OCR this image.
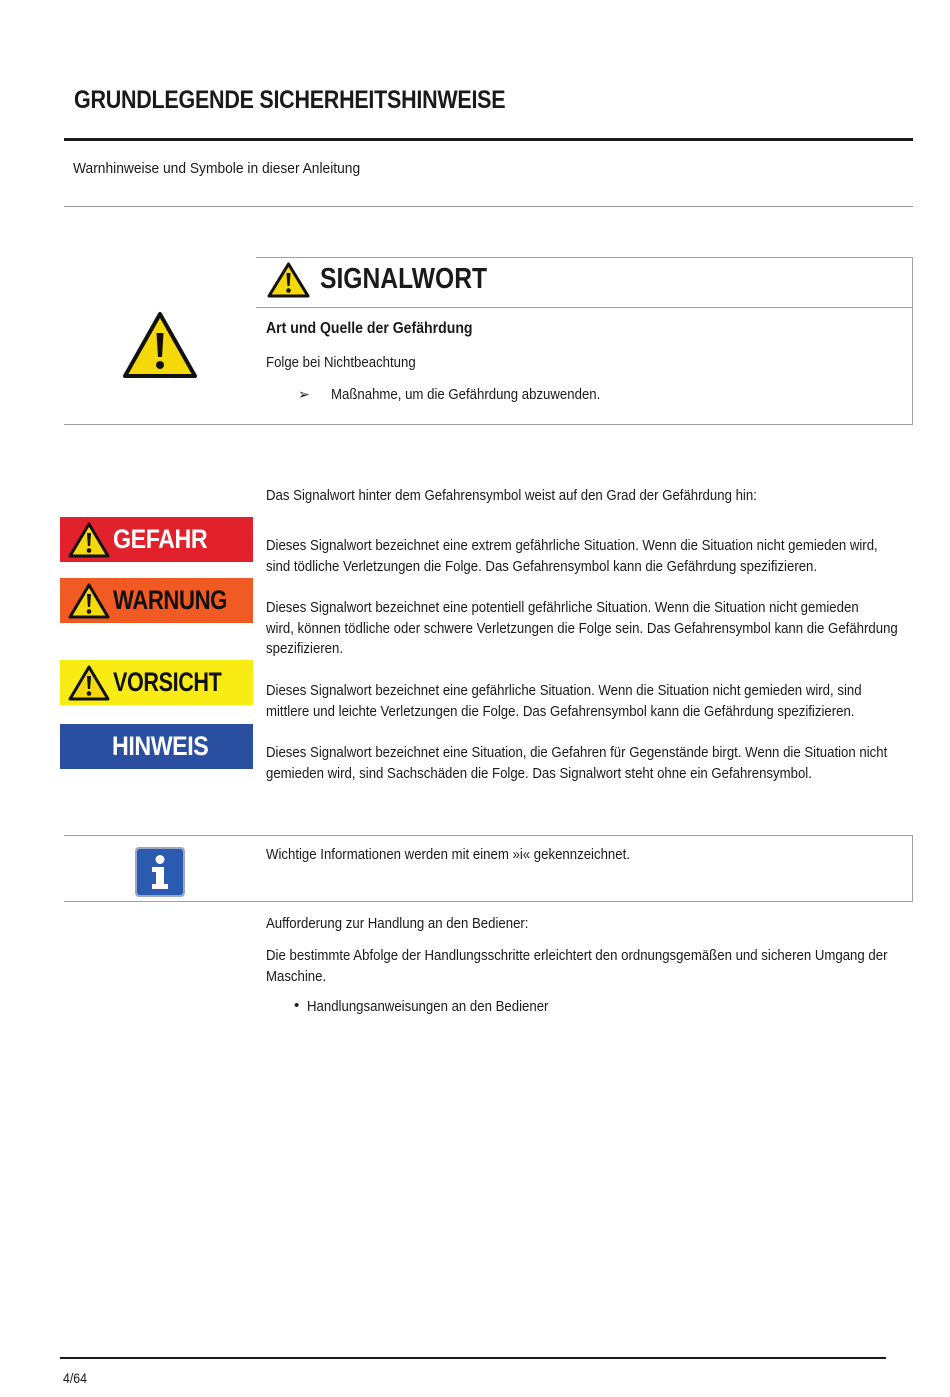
GRUNDLEGENDE SICHERHEITSHINWEISE
Warnhinweise und Symbole in dieser Anleitung
SIGNALWORT
Art und Quelle der Gefährdung
Folge bei Nichtbeachtung
➢ Maßnahme, um die Gefährdung abzuwenden.
Das Signalwort hinter dem Gefahrensymbol weist auf den Grad der Gefährdung hin:
GEFAHR	Dieses Signalwort bezeichnet eine extrem gefährliche Situation. Wenn die Situation nicht gemieden wird,
sind tödliche Verletzungen die Folge. Das Gefahrensymbol kann die Gefährdung spezifizieren.
WARNUNG	Dieses Signalwort bezeichnet eine potentiell gefährliche Situation. Wenn die Situation nicht gemieden
wird, können tödliche oder schwere Verletzungen die Folge sein. Das Gefahrensymbol kann die Gefährdung
spezifizieren.
VORSICHT	Dieses Signalwort bezeichnet eine gefährliche Situation. Wenn die Situation nicht gemieden wird, sind
mittlere und leichte Verletzungen die Folge. Das Gefahrensymbol kann die Gefährdung spezifizieren.
HINWEIS	Dieses Signalwort bezeichnet eine Situation, die Gefahren für Gegenstände birgt. Wenn die Situation nicht
gemieden wird, sind Sachschäden die Folge. Das Signalwort steht ohne ein Gefahrensymbol.
Wichtige Informationen werden mit einem »i« gekennzeichnet.
Aufforderung zur Handlung an den Bediener:
Die bestimmte Abfolge der Handlungsschritte erleichtert den ordnungsgemäßen und sicheren Umgang der
Maschine.
• Handlungsanweisungen an den Bediener
4/64
